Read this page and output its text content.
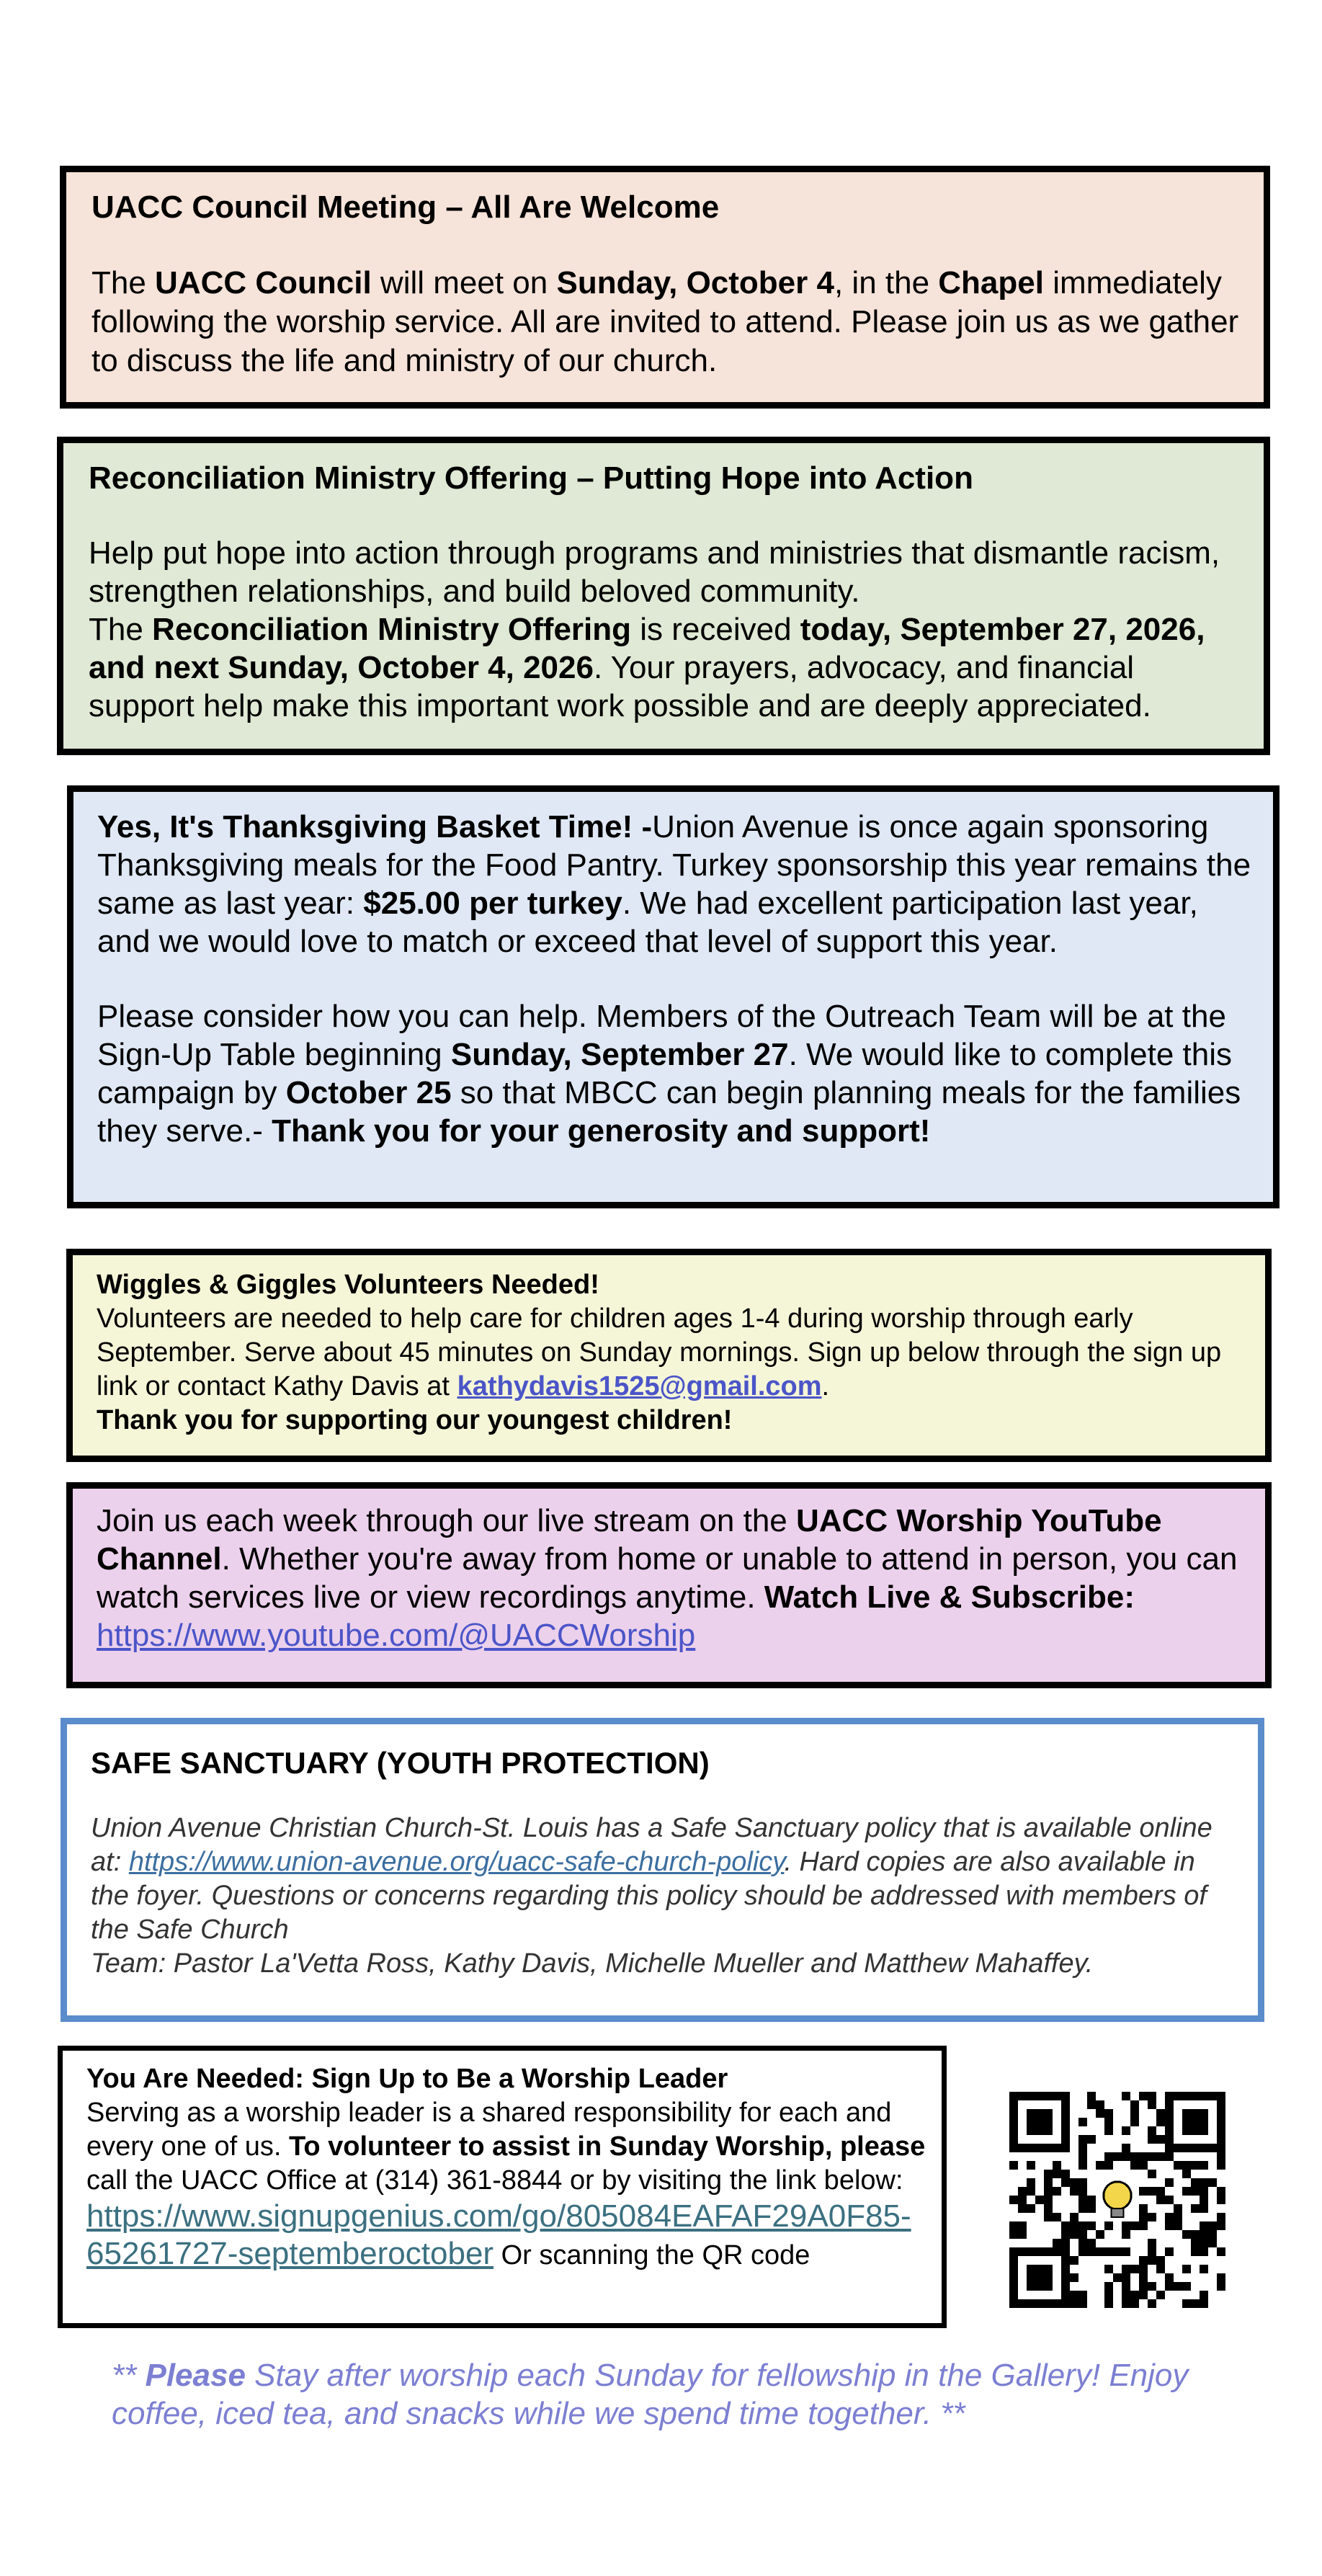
UACC Council Meeting – All Are Welcome

The UACC Council will meet on Sunday, October 4, in the Chapel immediately following the worship service. All are invited to attend. Please join us as we gather to discuss the life and ministry of our church.

Reconciliation Ministry Offering – Putting Hope into Action

Help put hope into action through programs and ministries that dismantle racism, strengthen relationships, and build beloved community.

The Reconciliation Ministry Offering is received today, September 27, 2026, and next Sunday, October 4, 2026. Your prayers, advocacy, and financial support help make this important work possible and are deeply appreciated.

Yes, It's Thanksgiving Basket Time! -Union Avenue is once again sponsoring Thanksgiving meals for the Food Pantry. Turkey sponsorship this year remains the same as last year: $25.00 per turkey. We had excellent participation last year, and we would love to match or exceed that level of support this year.

Please consider how you can help. Members of the Outreach Team will be at the Sign-Up Table beginning Sunday, September 27. We would like to complete this campaign by October 25 so that MBCC can begin planning meals for the families they serve.- Thank you for your generosity and support!

Wiggles & Giggles Volunteers Needed!

Volunteers are needed to help care for children ages 1-4 during worship through early September. Serve about 45 minutes on Sunday mornings. Sign up below through the sign up link or contact Kathy Davis at kathydavis1525@gmail.com.

Thank you for supporting our youngest children!

Join us each week through our live stream on the UACC Worship YouTube Channel. Whether you're away from home or unable to attend in person, you can watch services live or view recordings anytime. Watch Live & Subscribe:
https://www.youtube.com/@UACCWorship

SAFE SANCTUARY (YOUTH PROTECTION)

Union Avenue Christian Church-St. Louis has a Safe Sanctuary policy that is available online at: https://www.union-avenue.org/uacc-safe-church-policy. Hard copies are also available in the foyer. Questions or concerns regarding this policy should be addressed with members of the Safe Church

Team: Pastor La'Vetta Ross, Kathy Davis, Michelle Mueller and Matthew Mahaffey.

You Are Needed: Sign Up to Be a Worship Leader

Serving as a worship leader is a shared responsibility for each and every one of us. To volunteer to assist in Sunday Worship, please call the UACC Office at (314) 361-8844 or by visiting the link below:

https://www.signupgenius.com/go/805084EAFAF29A0F85-65261727-septemberoctober Or scanning the QR code

** Please Stay after worship each Sunday for fellowship in the Gallery! Enjoy coffee, iced tea, and snacks while we spend time together. **
